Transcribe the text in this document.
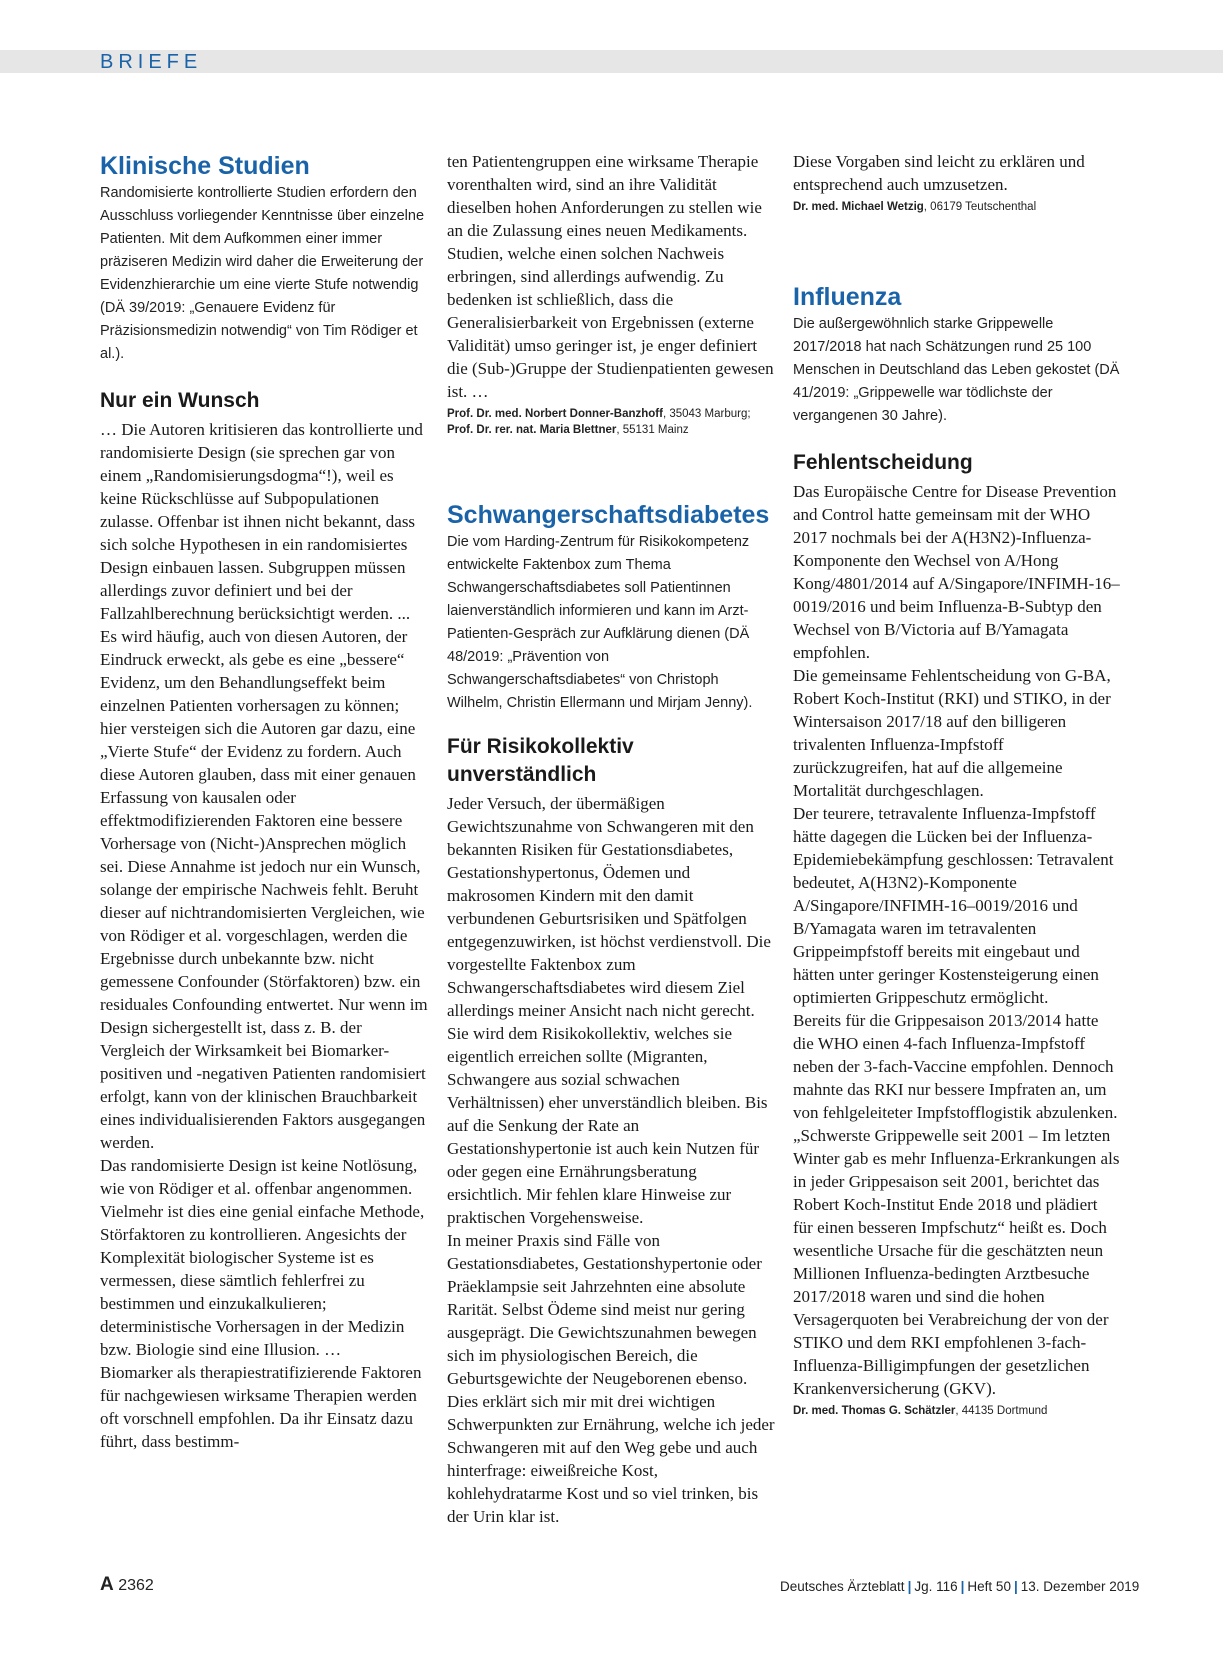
BRIEFE
Klinische Studien
Randomisierte kontrollierte Studien erfordern den Ausschluss vorliegender Kenntnisse über einzelne Patienten. Mit dem Aufkommen einer immer präziseren Medizin wird daher die Erweiterung der Evidenzhierarchie um eine vierte Stufe notwendig (DÄ 39/2019: „Genauere Evidenz für Präzisionsmedizin notwendig“ von Tim Rödiger et al.).
Nur ein Wunsch

… Die Autoren kritisieren das kontrollierte und randomisierte Design (sie sprechen gar von einem „Randomisierungsdogma“!), weil es keine Rückschlüsse auf Subpopulationen zulasse. Offenbar ist ihnen nicht bekannt, dass sich solche Hypothesen in ein randomisiertes Design einbauen lassen. Subgruppen müssen allerdings zuvor definiert und bei der Fallzahlberechnung berücksichtigt werden. ...

Es wird häufig, auch von diesen Autoren, der Eindruck erweckt, als gebe es eine „bessere“ Evidenz, um den Behandlungseffekt beim einzelnen Patienten vorhersagen zu können; hier versteigen sich die Autoren gar dazu, eine „Vierte Stufe“ der Evidenz zu fordern. Auch diese Autoren glauben, dass mit einer genauen Erfassung von kausalen oder effektmodifizierenden Faktoren eine bessere Vorhersage von (Nicht-)Ansprechen möglich sei. Diese Annahme ist jedoch nur ein Wunsch, solange der empirische Nachweis fehlt. Beruht dieser auf nichtrandomisierten Vergleichen, wie von Rödiger et al. vorgeschlagen, werden die Ergebnisse durch unbekannte bzw. nicht gemessene Confounder (Störfaktoren) bzw. ein residuales Confounding entwertet. Nur wenn im Design sichergestellt ist, dass z. B. der Vergleich der Wirksamkeit bei Biomarker-positiven und -negativen Patienten randomisiert erfolgt, kann von der klinischen Brauchbarkeit eines individualisierenden Faktors ausgegangen werden.

Das randomisierte Design ist keine Notlösung, wie von Rödiger et al. offenbar angenommen. Vielmehr ist dies eine genial einfache Methode, Störfaktoren zu kontrollieren. Angesichts der Komplexität biologischer Systeme ist es vermessen, diese sämtlich fehlerfrei zu bestimmen und einzukalkulieren; deterministische Vorhersagen in der Medizin bzw. Biologie sind eine Illusion. …

Biomarker als therapiestratifizierende Faktoren für nachgewiesen wirksame Therapien werden oft vorschnell empfohlen. Da ihr Einsatz dazu führt, dass bestimm-

ten Patientengruppen eine wirksame Therapie vorenthalten wird, sind an ihre Validität dieselben hohen Anforderungen zu stellen wie an die Zulassung eines neuen Medikaments. Studien, welche einen solchen Nachweis erbringen, sind allerdings aufwendig. Zu bedenken ist schließlich, dass die Generalisierbarkeit von Ergebnissen (externe Validität) umso geringer ist, je enger definiert die (Sub-)Gruppe der Studienpatienten gewesen ist. …
Prof. Dr. med. Norbert Donner-Banzhoff, 35043 Marburg;
Prof. Dr. rer. nat. Maria Blettner, 55131 Mainz
Schwangerschaftsdiabetes
Die vom Harding-Zentrum für Risikokompetenz entwickelte Faktenbox zum Thema Schwangerschaftsdiabetes soll Patientinnen laienverständlich informieren und kann im Arzt-Patienten-Gespräch zur Aufklärung dienen (DÄ 48/2019: „Prävention von Schwangerschaftsdiabetes“ von Christoph Wilhelm, Christin Ellermann und Mirjam Jenny).
Für Risikokollektiv unverständlich

Jeder Versuch, der übermäßigen Gewichtszunahme von Schwangeren mit den bekannten Risiken für Gestationsdiabetes, Gestationshypertonus, Ödemen und makrosomen Kindern mit den damit verbundenen Geburtsrisiken und Spätfolgen entgegenzuwirken, ist höchst verdienstvoll. Die vorgestellte Faktenbox zum Schwangerschaftsdiabetes wird diesem Ziel allerdings meiner Ansicht nach nicht gerecht. Sie wird dem Risikokollektiv, welches sie eigentlich erreichen sollte (Migranten, Schwangere aus sozial schwachen Verhältnissen) eher unverständlich bleiben. Bis auf die Senkung der Rate an Gestationshypertonie ist auch kein Nutzen für oder gegen eine Ernährungsberatung ersichtlich. Mir fehlen klare Hinweise zur praktischen Vorgehensweise.

In meiner Praxis sind Fälle von Gestationsdiabetes, Gestationshypertonie oder Präeklampsie seit Jahrzehnten eine absolute Rarität. Selbst Ödeme sind meist nur gering ausgeprägt. Die Gewichtszunahmen bewegen sich im physiologischen Bereich, die Geburtsgewichte der Neugeborenen ebenso. Dies erklärt sich mir mit drei wichtigen Schwerpunkten zur Ernährung, welche ich jeder Schwangeren mit auf den Weg gebe und auch hinterfrage: eiweißreiche Kost, kohlehydratarme Kost und so viel trinken, bis der Urin klar ist.

Diese Vorgaben sind leicht zu erklären und entsprechend auch umzusetzen.
Dr. med. Michael Wetzig, 06179 Teutschenthal
Influenza
Die außergewöhnlich starke Grippewelle 2017/2018 hat nach Schätzungen rund 25 100 Menschen in Deutschland das Leben gekostet (DÄ 41/2019: „Grippewelle war tödlichste der vergangenen 30 Jahre).
Fehlentscheidung

Das Europäische Centre for Disease Prevention and Control hatte gemeinsam mit der WHO 2017 nochmals bei der A(H3N2)-Influenza-Komponente den Wechsel von A/Hong Kong/4801/2014 auf A/Singapore/INFIMH-16–0019/2016 und beim Influenza-B-Subtyp den Wechsel von B/Victoria auf B/Yamagata empfohlen.

Die gemeinsame Fehlentscheidung von G-BA, Robert Koch-Institut (RKI) und STIKO, in der Wintersaison 2017/18 auf den billigeren trivalenten Influenza-Impfstoff zurückzugreifen, hat auf die allgemeine Mortalität durchgeschlagen.

Der teurere, tetravalente Influenza-Impfstoff hätte dagegen die Lücken bei der Influenza-Epidemiebekämpfung geschlossen: Tetravalent bedeutet, A(H3N2)-Komponente A/Singapore/INFIMH-16–0019/2016 und B/Yamagata waren im tetravalenten Grippeimpfstoff bereits mit eingebaut und hätten unter geringer Kostensteigerung einen optimierten Grippeschutz ermöglicht.

Bereits für die Grippesaison 2013/2014 hatte die WHO einen 4-fach Influenza-Impfstoff neben der 3-fach-Vaccine empfohlen. Dennoch mahnte das RKI nur bessere Impfraten an, um von fehlgeleiteter Impfstofflogistik abzulenken.

„Schwerste Grippewelle seit 2001 – Im letzten Winter gab es mehr Influenza-Erkrankungen als in jeder Grippesaison seit 2001, berichtet das Robert Koch-Institut Ende 2018 und plädiert für einen besseren Impfschutz“ heißt es. Doch wesentliche Ursache für die geschätzten neun Millionen Influenza-bedingten Arztbesuche 2017/2018 waren und sind die hohen Versagerquoten bei Verabreichung der von der STIKO und dem RKI empfohlenen 3-fach-Influenza-Billigimpfungen der gesetzlichen Krankenversicherung (GKV).

Dr. med. Thomas G. Schätzler, 44135 Dortmund
A 2362	Deutsches Ärzteblatt | Jg. 116 | Heft 50 | 13. Dezember 2019
